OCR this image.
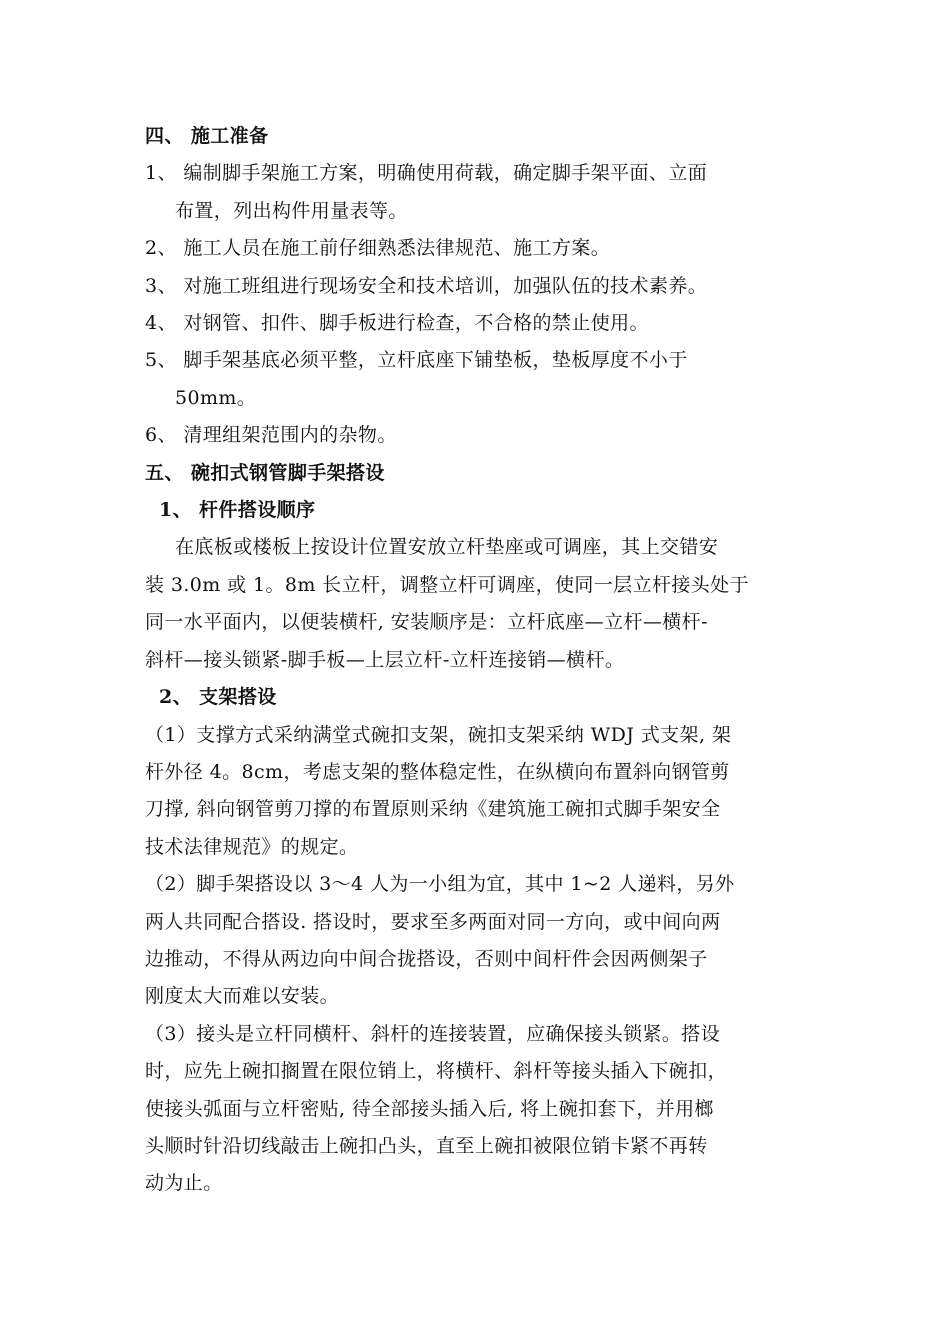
四、 施工准备
1、 编制脚手架施工方案，明确使用荷载，确定脚手架平面、立面
布置，列出构件用量表等。
2、 施工人员在施工前仔细熟悉法律规范、施工方案。
3、 对施工班组进行现场安全和技术培训，加强队伍的技术素养。
4、 对钢管、扣件、脚手板进行检查，不合格的禁止使用。
5、 脚手架基底必须平整，立杆底座下铺垫板，垫板厚度不小于
50mm。
6、 清理组架范围内的杂物。
五、 碗扣式钢管脚手架搭设
1、 杆件搭设顺序
在底板或楼板上按设计位置安放立杆垫座或可调座，其上交错安
装 3.0m 或 1。8m 长立杆，调整立杆可调座，使同一层立杆接头处于
同一水平面内，以便装横杆, 安装顺序是：立杆底座—立杆—横杆-
斜杆—接头锁紧-脚手板—上层立杆-立杆连接销—横杆。
2、 支架搭设
（1）支撑方式采纳满堂式碗扣支架，碗扣支架采纳 WDJ 式支架, 架
杆外径 4。8cm，考虑支架的整体稳定性，在纵横向布置斜向钢管剪
刀撑, 斜向钢管剪刀撑的布置原则采纳《建筑施工碗扣式脚手架安全
技术法律规范》的规定。
（2）脚手架搭设以 3～4 人为一小组为宜，其中 1~2 人递料，另外
两人共同配合搭设. 搭设时，要求至多两面对同一方向，或中间向两
边推动，不得从两边向中间合拢搭设，否则中间杆件会因两侧架子
刚度太大而难以安装。
（3）接头是立杆同横杆、斜杆的连接装置，应确保接头锁紧。搭设
时，应先上碗扣搁置在限位销上，将横杆、斜杆等接头插入下碗扣，
使接头弧面与立杆密贴, 待全部接头插入后, 将上碗扣套下，并用榔
头顺时针沿切线敲击上碗扣凸头，直至上碗扣被限位销卡紧不再转
动为止。
